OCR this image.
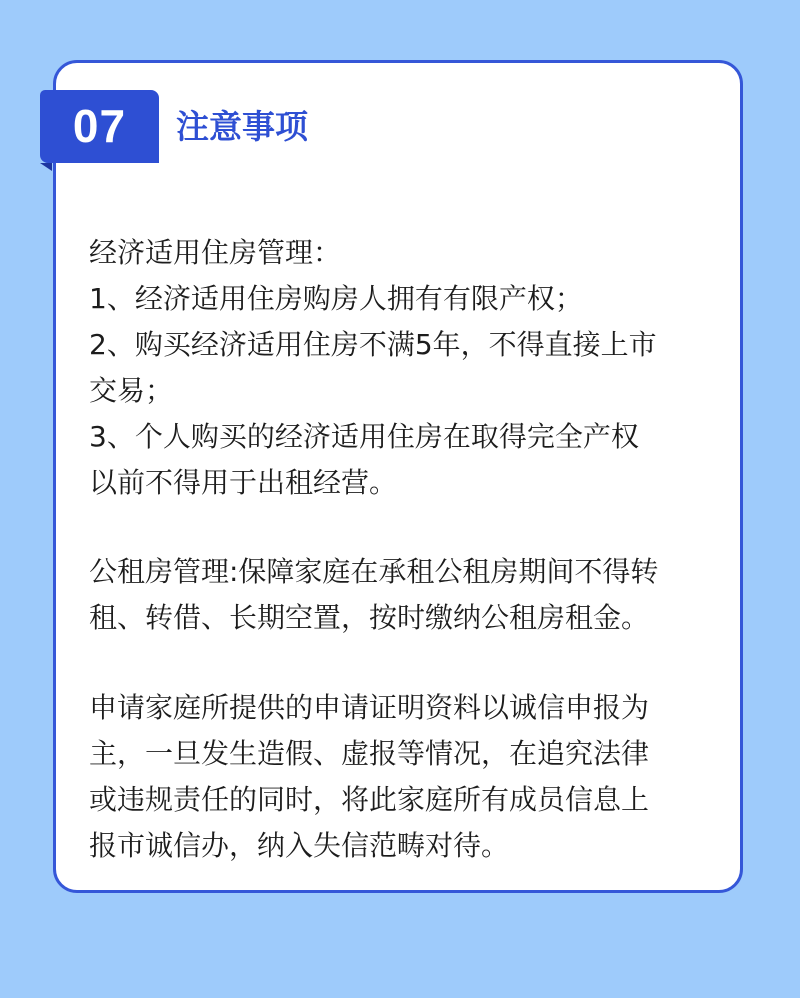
07	注意事项
经济适用住房管理：
1、经济适用住房购房人拥有有限产权；
2、购买经济适用住房不满5年，不得直接上市
交易；
3、个人购买的经济适用住房在取得完全产权
以前不得用于出租经营。
公租房管理:保障家庭在承租公租房期间不得转
租、转借、长期空置，按时缴纳公租房租金。
申请家庭所提供的申请证明资料以诚信申报为
主，一旦发生造假、虚报等情况，在追究法律
或违规责任的同时，将此家庭所有成员信息上
报市诚信办，纳入失信范畴对待。
